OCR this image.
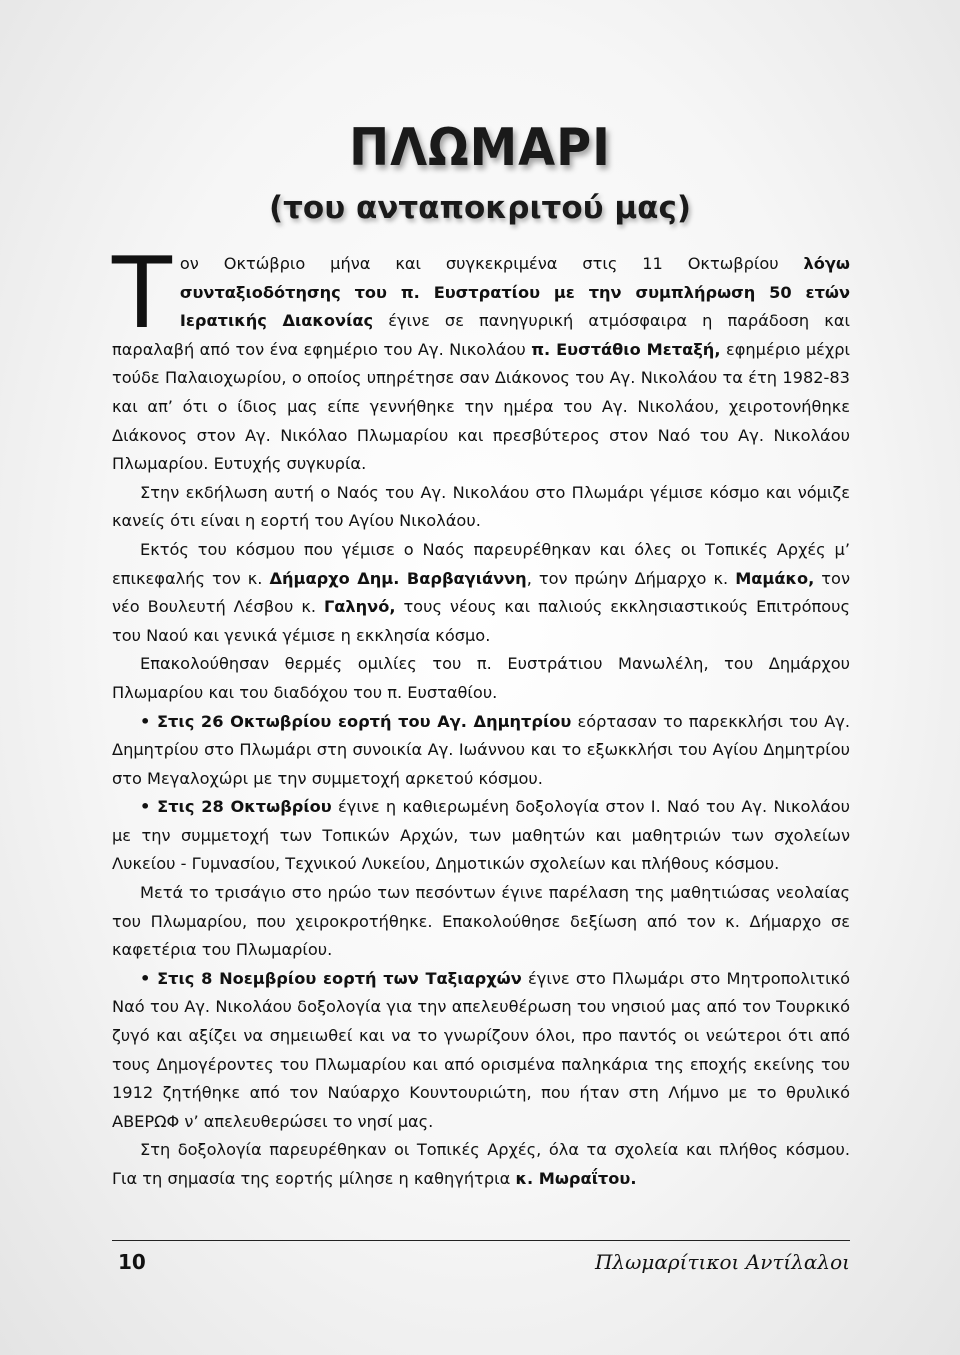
ΠΛΩΜΑΡΙ
(του ανταποκριτού μας)

Τον Οκτώβριο μήνα και συγκεκριμένα στις 11 Οκτωβρίου λόγω συνταξιοδότησης του π. Ευστρατίου με την συμπλήρωση 50 ετών Ιερατικής Διακονίας έγινε σε πανηγυρική ατμόσφαιρα η παράδοση και παραλαβή από τον ένα εφημέριο του Αγ. Νικολάου π. Ευστάθιο Μεταξή, εφημέριο μέχρι τούδε Παλαιοχωρίου, ο οποίος υπηρέτησε σαν Διάκονος του Αγ. Νικολάου τα έτη 1982-83 και απ’ ότι ο ίδιος μας είπε γεννήθηκε την ημέρα του Αγ. Νικολάου, χειροτονήθηκε Διάκονος στον Αγ. Νικόλαο Πλωμαρίου και πρεσβύτερος στον Ναό του Αγ. Νικολάου Πλωμαρίου. Ευτυχής συγκυρία.

Στην εκδήλωση αυτή ο Ναός του Αγ. Νικολάου στο Πλωμάρι γέμισε κόσμο και νόμιζε κανείς ότι είναι η εορτή του Αγίου Νικολάου.

Εκτός του κόσμου που γέμισε ο Ναός παρευρέθηκαν και όλες οι Τοπικές Αρχές μ’ επικεφαλής τον κ. Δήμαρχο Δημ. Βαρβαγιάννη, τον πρώην Δήμαρχο κ. Μαμάκο, τον νέο Βουλευτή Λέσβου κ. Γαληνό, τους νέους και παλιούς εκκλησιαστικούς Επιτρόπους του Ναού και γενικά γέμισε η εκκλησία κόσμο.

Επακολούθησαν θερμές ομιλίες του π. Ευστράτιου Μανωλέλη, του Δημάρχου Πλωμαρίου και του διαδόχου του π. Ευσταθίου.

• Στις 26 Οκτωβρίου εορτή του Αγ. Δημητρίου εόρτασαν το παρεκκλήσι του Αγ. Δημητρίου στο Πλωμάρι στη συνοικία Αγ. Ιωάννου και το εξωκκλήσι του Αγίου Δημητρίου στο Μεγαλοχώρι με την συμμετοχή αρκετού κόσμου.

• Στις 28 Οκτωβρίου έγινε η καθιερωμένη δοξολογία στον Ι. Ναό του Αγ. Νικολάου με την συμμετοχή των Τοπικών Αρχών, των μαθητών και μαθητριών των σχολείων Λυκείου - Γυμνασίου, Τεχνικού Λυκείου, Δημοτικών σχολείων και πλήθους κόσμου.

Μετά το τρισάγιο στο ηρώο των πεσόντων έγινε παρέλαση της μαθητιώσας νεολαίας του Πλωμαρίου, που χειροκροτήθηκε. Επακολούθησε δεξίωση από τον κ. Δήμαρχο σε καφετέρια του Πλωμαρίου.

• Στις 8 Νοεμβρίου εορτή των Ταξιαρχών έγινε στο Πλωμάρι στο Μητροπολιτικό Ναό του Αγ. Νικολάου δοξολογία για την απελευθέρωση του νησιού μας από τον Τουρκικό ζυγό και αξίζει να σημειωθεί και να το γνωρίζουν όλοι, προ παντός οι νεώτεροι ότι από τους Δημογέροντες του Πλωμαρίου και από ορισμένα παληκάρια της εποχής εκείνης του 1912 ζητήθηκε από τον Ναύαρχο Κουντουριώτη, που ήταν στη Λήμνο με το θρυλικό ΑΒΕΡΩΦ ν’ απελευθερώσει το νησί μας.

Στη δοξολογία παρευρέθηκαν οι Τοπικές Αρχές, όλα τα σχολεία και πλήθος κόσμου. Για τη σημασία της εορτής μίλησε η καθηγήτρια κ. Μωραΐτου.

10	Πλωμαρίτικοι Αντίλαλοι
